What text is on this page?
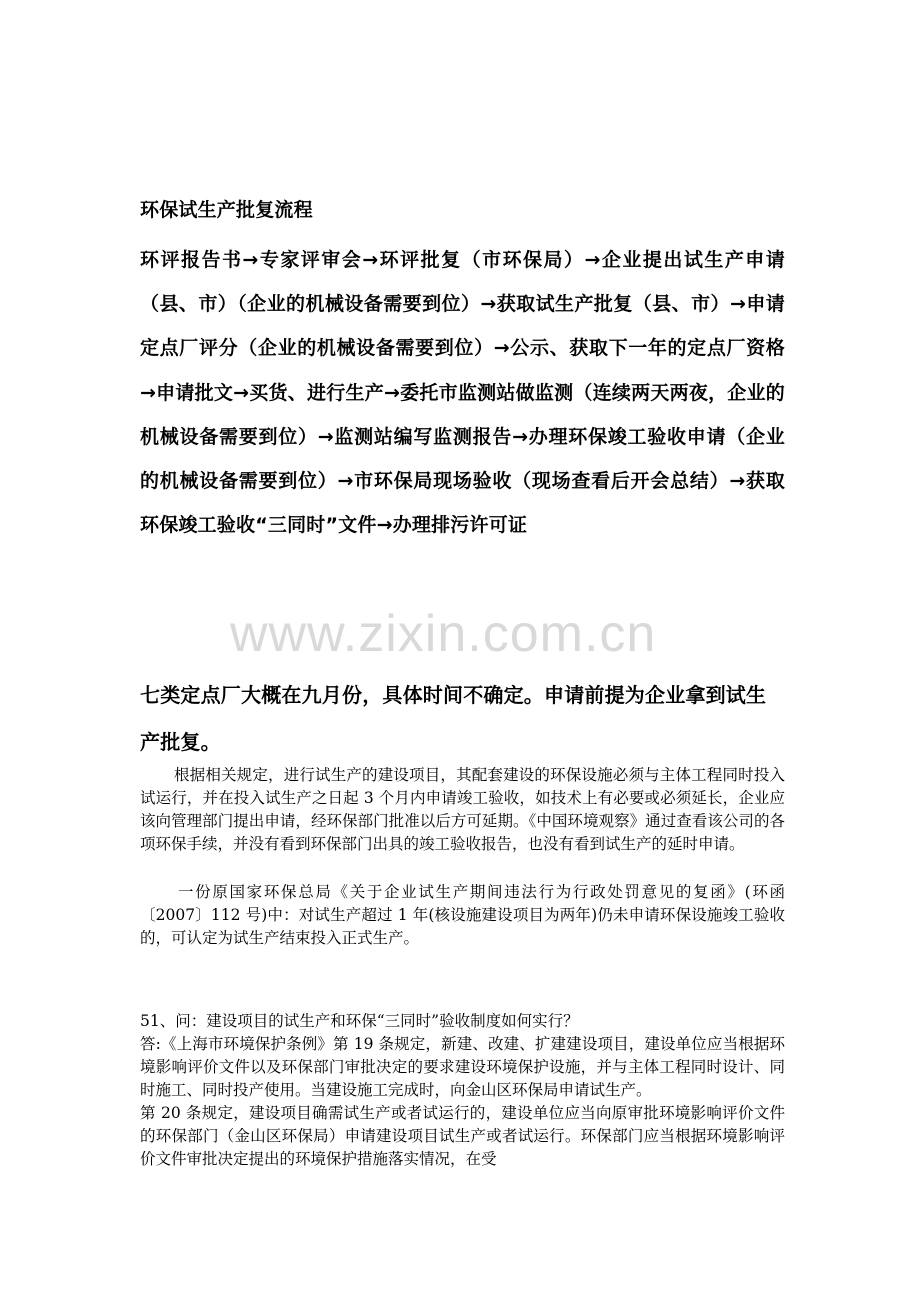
环保试生产批复流程

环评报告书→专家评审会→环评批复（市环保局）→企业提出试生产申请（县、市）（企业的机械设备需要到位）→获取试生产批复（县、市）→申请定点厂评分（企业的机械设备需要到位）→公示、获取下一年的定点厂资格→申请批文→买货、进行生产→委托市监测站做监测（连续两天两夜，企业的机械设备需要到位）→监测站编写监测报告→办理环保竣工验收申请（企业的机械设备需要到位）→市环保局现场验收（现场查看后开会总结）→获取环保竣工验收“三同时”文件→办理排污许可证

七类定点厂大概在九月份，具体时间不确定。申请前提为企业拿到试生产批复。

根据相关规定，进行试生产的建设项目，其配套建设的环保设施必须与主体工程同时投入试运行，并在投入试生产之日起 3 个月内申请竣工验收，如技术上有必要或必须延长，企业应该向管理部门提出申请，经环保部门批准以后方可延期。《中国环境观察》通过查看该公司的各项环保手续，并没有看到环保部门出具的竣工验收报告，也没有看到试生产的延时申请。

一份原国家环保总局《关于企业试生产期间违法行为行政处罚意见的复函》(环函〔2007〕112 号)中：对试生产超过 1 年(核设施建设项目为两年)仍未申请环保设施竣工验收的，可认定为试生产结束投入正式生产。

51、问：建设项目的试生产和环保“三同时”验收制度如何实行？
答:《上海市环境保护条例》第 19 条规定，新建、改建、扩建建设项目，建设单位应当根据环境影响评价文件以及环保部门审批决定的要求建设环境保护设施，并与主体工程同时设计、同时施工、同时投产使用。当建设施工完成时，向金山区环保局申请试生产。
第 20 条规定，建设项目确需试生产或者试运行的，建设单位应当向原审批环境影响评价文件的环保部门（金山区环保局）申请建设项目试生产或者试运行。环保部门应当根据环境影响评价文件审批决定提出的环境保护措施落实情况，在受
www.zixin.com.cn
